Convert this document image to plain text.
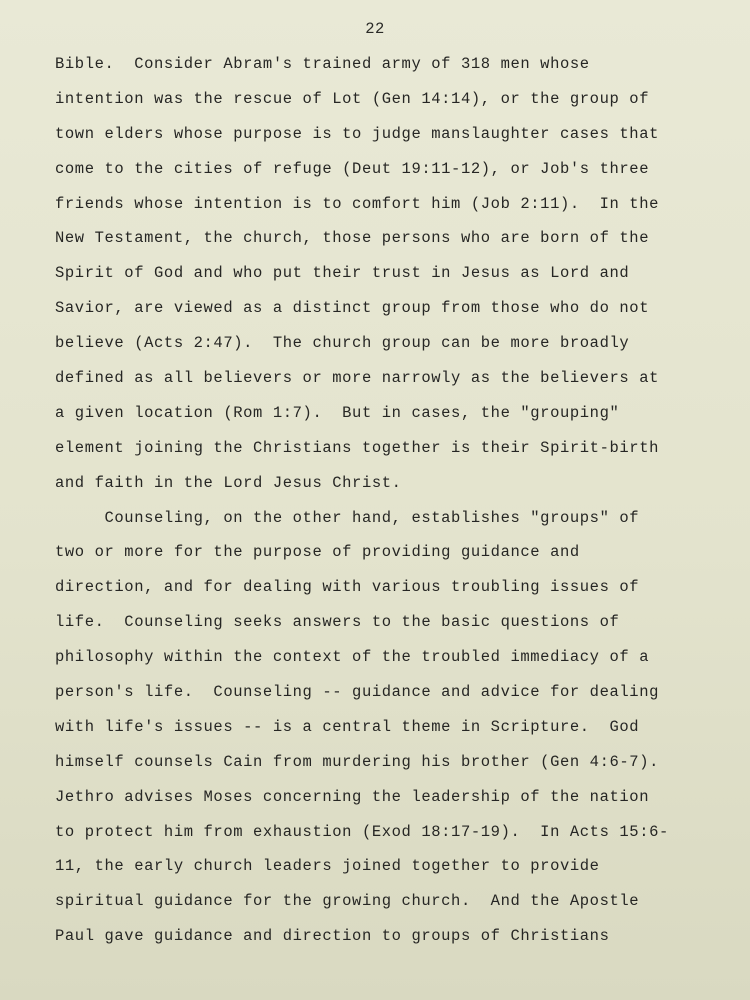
22
Bible.  Consider Abram's trained army of 318 men whose
intention was the rescue of Lot (Gen 14:14), or the group of
town elders whose purpose is to judge manslaughter cases that
come to the cities of refuge (Deut 19:11-12), or Job's three
friends whose intention is to comfort him (Job 2:11).  In the
New Testament, the church, those persons who are born of the
Spirit of God and who put their trust in Jesus as Lord and
Savior, are viewed as a distinct group from those who do not
believe (Acts 2:47).  The church group can be more broadly
defined as all believers or more narrowly as the believers at
a given location (Rom 1:7).  But in cases, the "grouping"
element joining the Christians together is their Spirit-birth
and faith in the Lord Jesus Christ.
Counseling, on the other hand, establishes "groups" of
two or more for the purpose of providing guidance and
direction, and for dealing with various troubling issues of
life.  Counseling seeks answers to the basic questions of
philosophy within the context of the troubled immediacy of a
person's life.  Counseling -- guidance and advice for dealing
with life's issues -- is a central theme in Scripture.  God
himself counsels Cain from murdering his brother (Gen 4:6-7).
Jethro advises Moses concerning the leadership of the nation
to protect him from exhaustion (Exod 18:17-19).  In Acts 15:6-
11, the early church leaders joined together to provide
spiritual guidance for the growing church.  And the Apostle
Paul gave guidance and direction to groups of Christians
